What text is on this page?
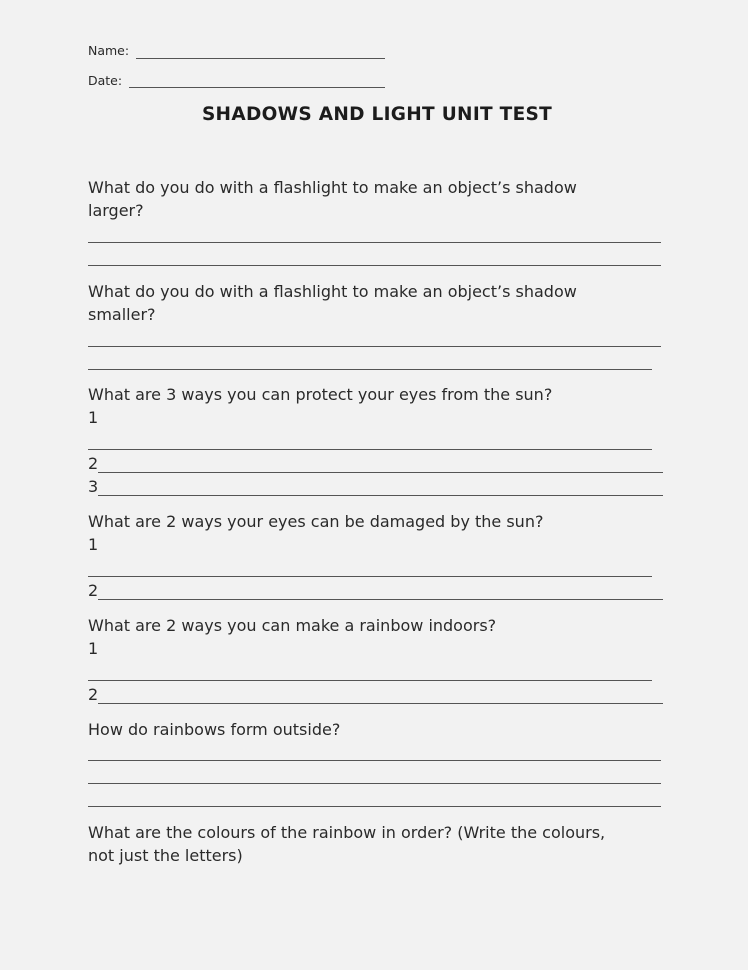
Name:
Date:
SHADOWS AND LIGHT UNIT TEST
What do you do with a flashlight to make an object’s shadow
larger?
What do you do with a flashlight to make an object’s shadow
smaller?
What are 3 ways you can protect your eyes from the sun?
1
2
3
What are 2 ways your eyes can be damaged by the sun?
1
2
What are 2 ways you can make a rainbow indoors?
1
2
How do rainbows form outside?
What are the colours of the rainbow in order? (Write the colours,
not just the letters)
